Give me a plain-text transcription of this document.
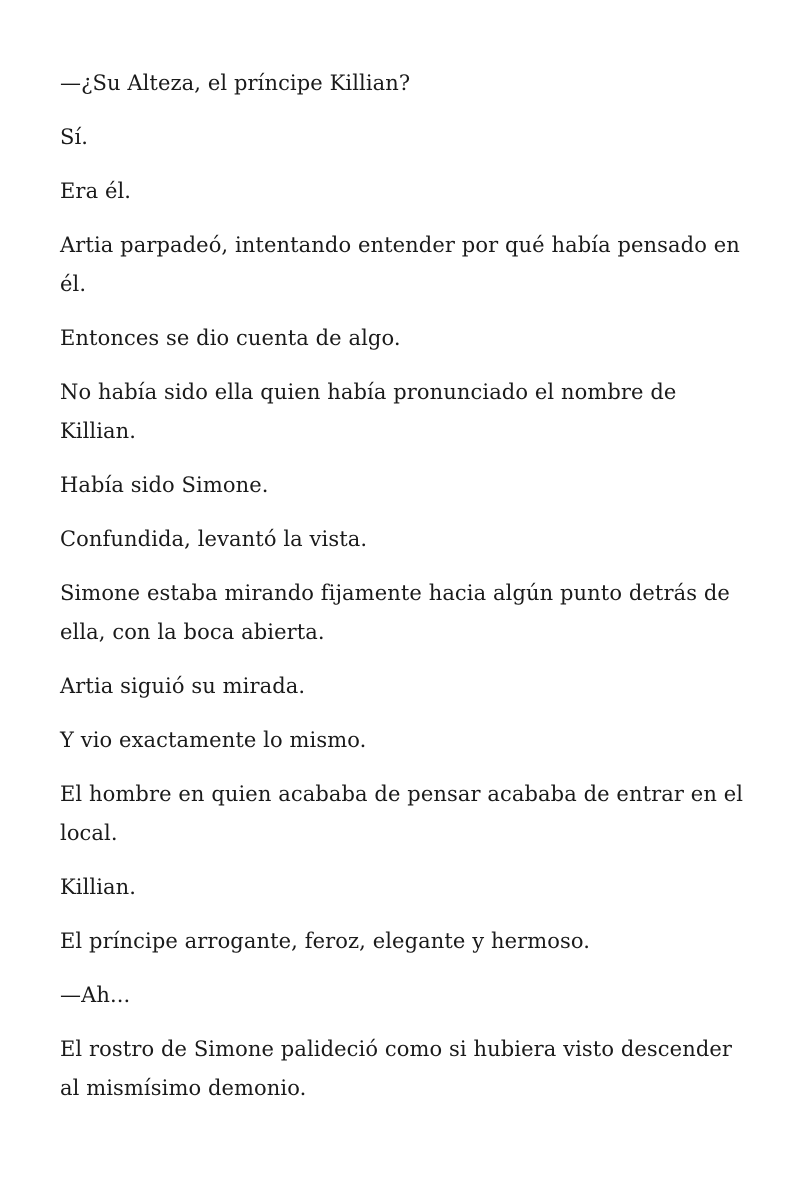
—¿Su Alteza, el príncipe Killian?

Sí.

Era él.

Artia parpadeó, intentando entender por qué había pensado en él.

Entonces se dio cuenta de algo.

No había sido ella quien había pronunciado el nombre de Killian.

Había sido Simone.

Confundida, levantó la vista.

Simone estaba mirando fijamente hacia algún punto detrás de ella, con la boca abierta.

Artia siguió su mirada.

Y vio exactamente lo mismo.

El hombre en quien acababa de pensar acababa de entrar en el local.

Killian.

El príncipe arrogante, feroz, elegante y hermoso.

—Ah...

El rostro de Simone palideció como si hubiera visto descender al mismísimo demonio.
